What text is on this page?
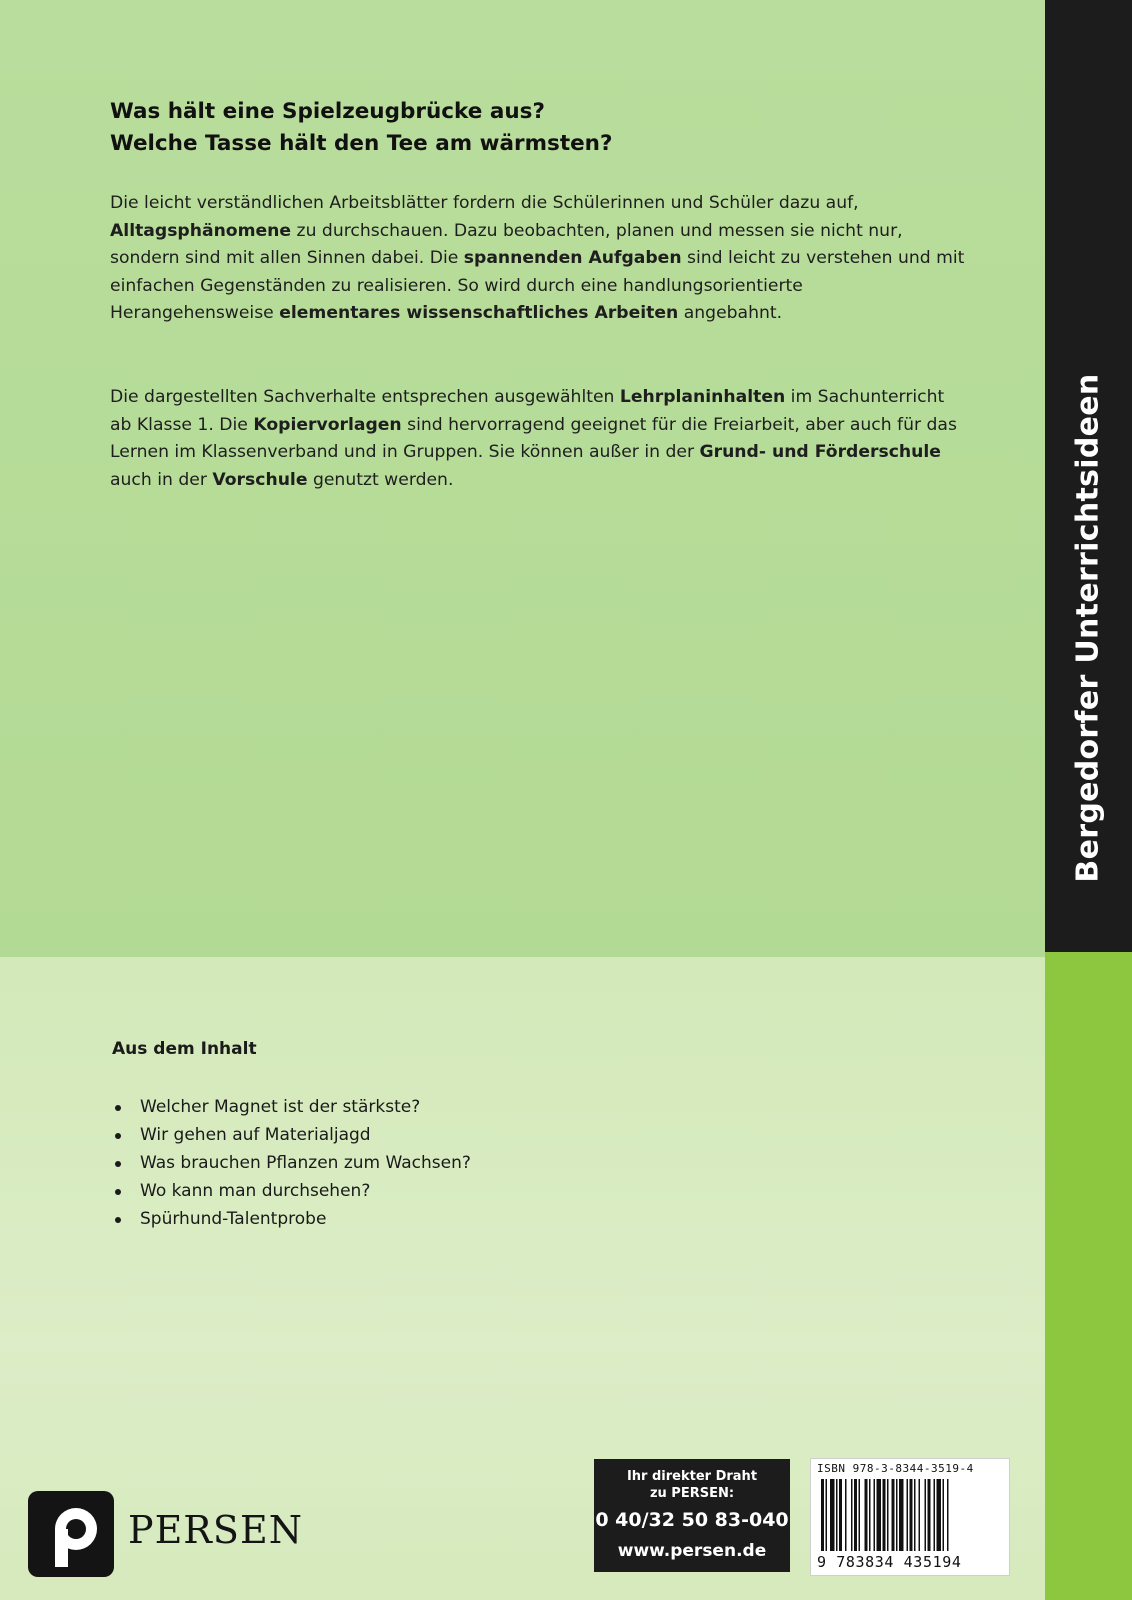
Bergedorfer Unterrichtsideen
Was hält eine Spielzeugbrücke aus?
Welche Tasse hält den Tee am wärmsten?
Die leicht verständlichen Arbeitsblätter fordern die Schülerinnen und Schüler dazu auf, Alltagsphänomene zu durchschauen. Dazu beobachten, planen und messen sie nicht nur, sondern sind mit allen Sinnen dabei. Die spannenden Aufgaben sind leicht zu verstehen und mit einfachen Gegenständen zu realisieren. So wird durch eine handlungsorientierte Herangehensweise elementares wissenschaftliches Arbeiten angebahnt.
Die dargestellten Sachverhalte entsprechen ausgewählten Lehrplaninhalten im Sachunterricht ab Klasse 1. Die Kopiervorlagen sind hervorragend geeignet für die Freiarbeit, aber auch für das Lernen im Klassenverband und in Gruppen. Sie können außer in der Grund- und Förderschule auch in der Vorschule genutzt werden.
Aus dem Inhalt
Welcher Magnet ist der stärkste?
Wir gehen auf Materialjagd
Was brauchen Pflanzen zum Wachsen?
Wo kann man durchsehen?
Spürhund-Talentprobe
PERSEN
Ihr direkter Draht
zu PERSEN:
0 40/32 50 83-040
www.persen.de
ISBN 978-3-8344-3519-4
9 783834 435194
